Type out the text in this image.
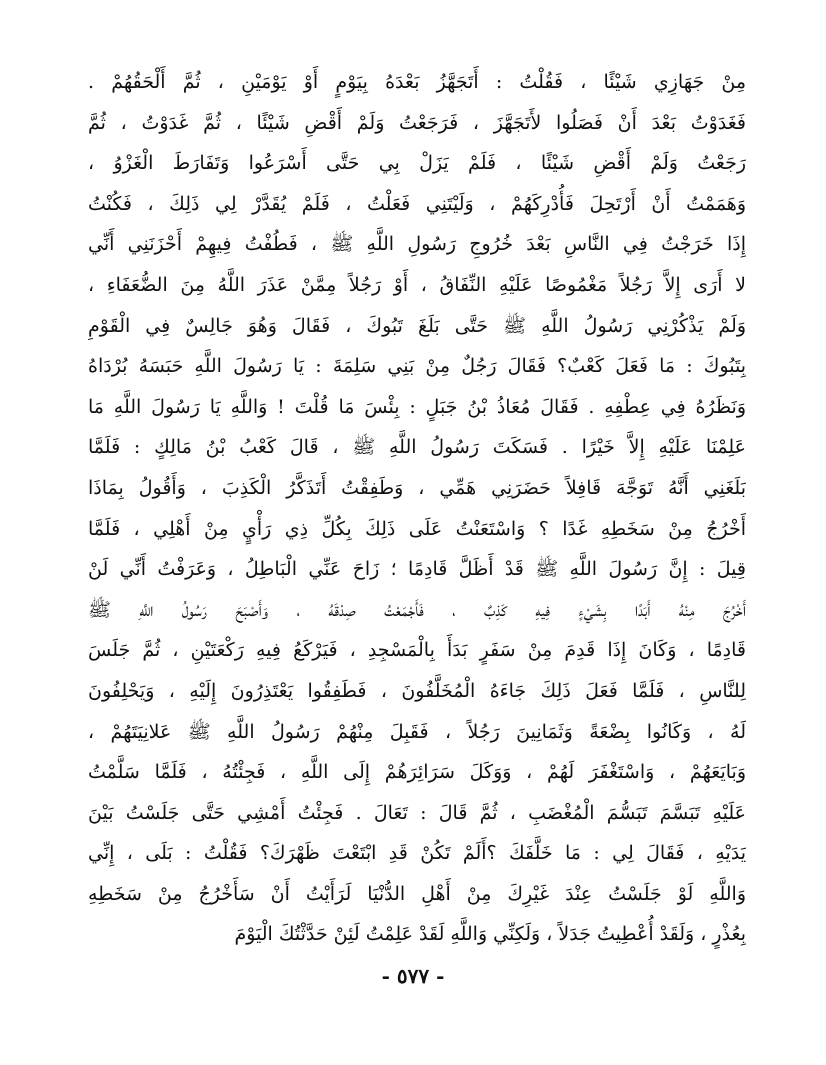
مِنْ جَهَازِي شَيْئًا ، فَقُلْتُ : أَتَجَهَّزُ بَعْدَهُ بِيَوْمٍ أَوْ يَوْمَيْنِ ، ثُمَّ أَلْحَقُهُمْ .
فَغَدَوْتُ بَعْدَ أَنْ فَصَلُوا لأَتَجَهَّزَ ، فَرَجَعْتُ وَلَمْ أَقْضِ شَيْئًا ، ثُمَّ غَدَوْتُ ، ثُمَّ
رَجَعْتُ وَلَمْ أَقْضِ شَيْئًا ، فَلَمْ يَزَلْ بِي حَتَّى أَسْرَعُوا وَتَفَارَطَ الْغَزْوُ ،
وَهَمَمْتُ أَنْ أَرْتَحِلَ فَأُدْرِكَهُمْ ، وَلَيْتَنِي فَعَلْتُ ، فَلَمْ يُقَدَّرْ لِي ذَلِكَ ، فَكُنْتُ
إِذَا خَرَجْتُ فِي النَّاسِ بَعْدَ خُرُوجِ رَسُولِ اللَّهِ ﷺ ، فَطُفْتُ فِيهِمْ أَحْزَنَنِي أَنِّي
لا أَرَى إِلاَّ رَجُلاً مَغْمُوصًا عَلَيْهِ النِّفَاقُ ، أَوْ رَجُلاً مِمَّنْ عَذَرَ اللَّهُ مِنَ الضُّعَفَاءِ ،
وَلَمْ يَذْكُرْنِي رَسُولُ اللَّهِ ﷺ حَتَّى بَلَغَ تَبُوكَ ، فَقَالَ وَهُوَ جَالِسٌ فِي الْقَوْمِ
بِتَبُوكَ : مَا فَعَلَ كَعْبٌ؟ فَقَالَ رَجُلٌ مِنْ بَنِي سَلِمَةَ : يَا رَسُولَ اللَّهِ حَبَسَهُ بُرْدَاهُ
وَنَظَرُهُ فِي عِطْفِهِ . فَقَالَ مُعَاذُ بْنُ جَبَلٍ : بِئْسَ مَا قُلْتَ ! وَاللَّهِ يَا رَسُولَ اللَّهِ مَا
عَلِمْنَا عَلَيْهِ إِلاَّ خَيْرًا . فَسَكَتَ رَسُولُ اللَّهِ ﷺ ، قَالَ كَعْبُ بْنُ مَالِكٍ : فَلَمَّا
بَلَغَنِي أَنَّهُ تَوَجَّهَ قَافِلاً حَضَرَنِي هَمِّي ، وَطَفِقْتُ أَتَذَكَّرُ الْكَذِبَ ، وَأَقُولُ بِمَاذَا
أَخْرُجُ مِنْ سَخَطِهِ غَدًا ؟ وَاسْتَعَنْتُ عَلَى ذَلِكَ بِكُلِّ ذِي رَأْيٍ مِنْ أَهْلِي ، فَلَمَّا
قِيلَ : إِنَّ رَسُولَ اللَّهِ ﷺ قَدْ أَظَلَّ قَادِمًا ؛ زَاحَ عَنِّي الْبَاطِلُ ، وَعَرَفْتُ أَنِّي لَنْ
أَخْرُجَ مِنْهُ أَبَدًا بِشَيْءٍ فِيهِ كَذِبٌ ، فَأَجْمَعْتُ صِدْقَهُ ، وَأَصْبَحَ رَسُولُ اللَّهِ ﷺ
قَادِمًا ، وَكَانَ إِذَا قَدِمَ مِنْ سَفَرٍ بَدَأَ بِالْمَسْجِدِ ، فَيَرْكَعُ فِيهِ رَكْعَتَيْنِ ، ثُمَّ جَلَسَ
لِلنَّاسِ ، فَلَمَّا فَعَلَ ذَلِكَ جَاءَهُ الْمُخَلَّفُونَ ، فَطَفِقُوا يَعْتَذِرُونَ إِلَيْهِ ، وَيَحْلِفُونَ
لَهُ ، وَكَانُوا بِضْعَةً وَثَمَانِينَ رَجُلاً ، فَقَبِلَ مِنْهُمْ رَسُولُ اللَّهِ ﷺ عَلانِيَتَهُمْ ،
وَبَايَعَهُمْ ، وَاسْتَغْفَرَ لَهُمْ ، وَوَكَلَ سَرَائِرَهُمْ إِلَى اللَّهِ ، فَجِئْتُهُ ، فَلَمَّا سَلَّمْتُ
عَلَيْهِ تَبَسَّمَ تَبَسُّمَ الْمُغْضَبِ ، ثُمَّ قَالَ : تَعَالَ . فَجِئْتُ أَمْشِي حَتَّى جَلَسْتُ بَيْنَ
يَدَيْهِ ، فَقَالَ لِي : مَا خَلَّفَكَ ؟أَلَمْ تَكُنْ قَدِ ابْتَعْتَ ظَهْرَكَ؟ فَقُلْتُ : بَلَى ، إِنِّي
وَاللَّهِ لَوْ جَلَسْتُ عِنْدَ غَيْرِكَ مِنْ أَهْلِ الدُّنْيَا لَرَأَيْتُ أَنْ سَأَخْرُجُ مِنْ سَخَطِهِ
بِعُذْرٍ ، وَلَقَدْ أُعْطِيتُ جَدَلاً ، وَلَكِنِّي وَاللَّهِ لَقَدْ عَلِمْتُ لَئِنْ حَدَّثْتُكَ الْيَوْمَ
- ٥٧٧ -
